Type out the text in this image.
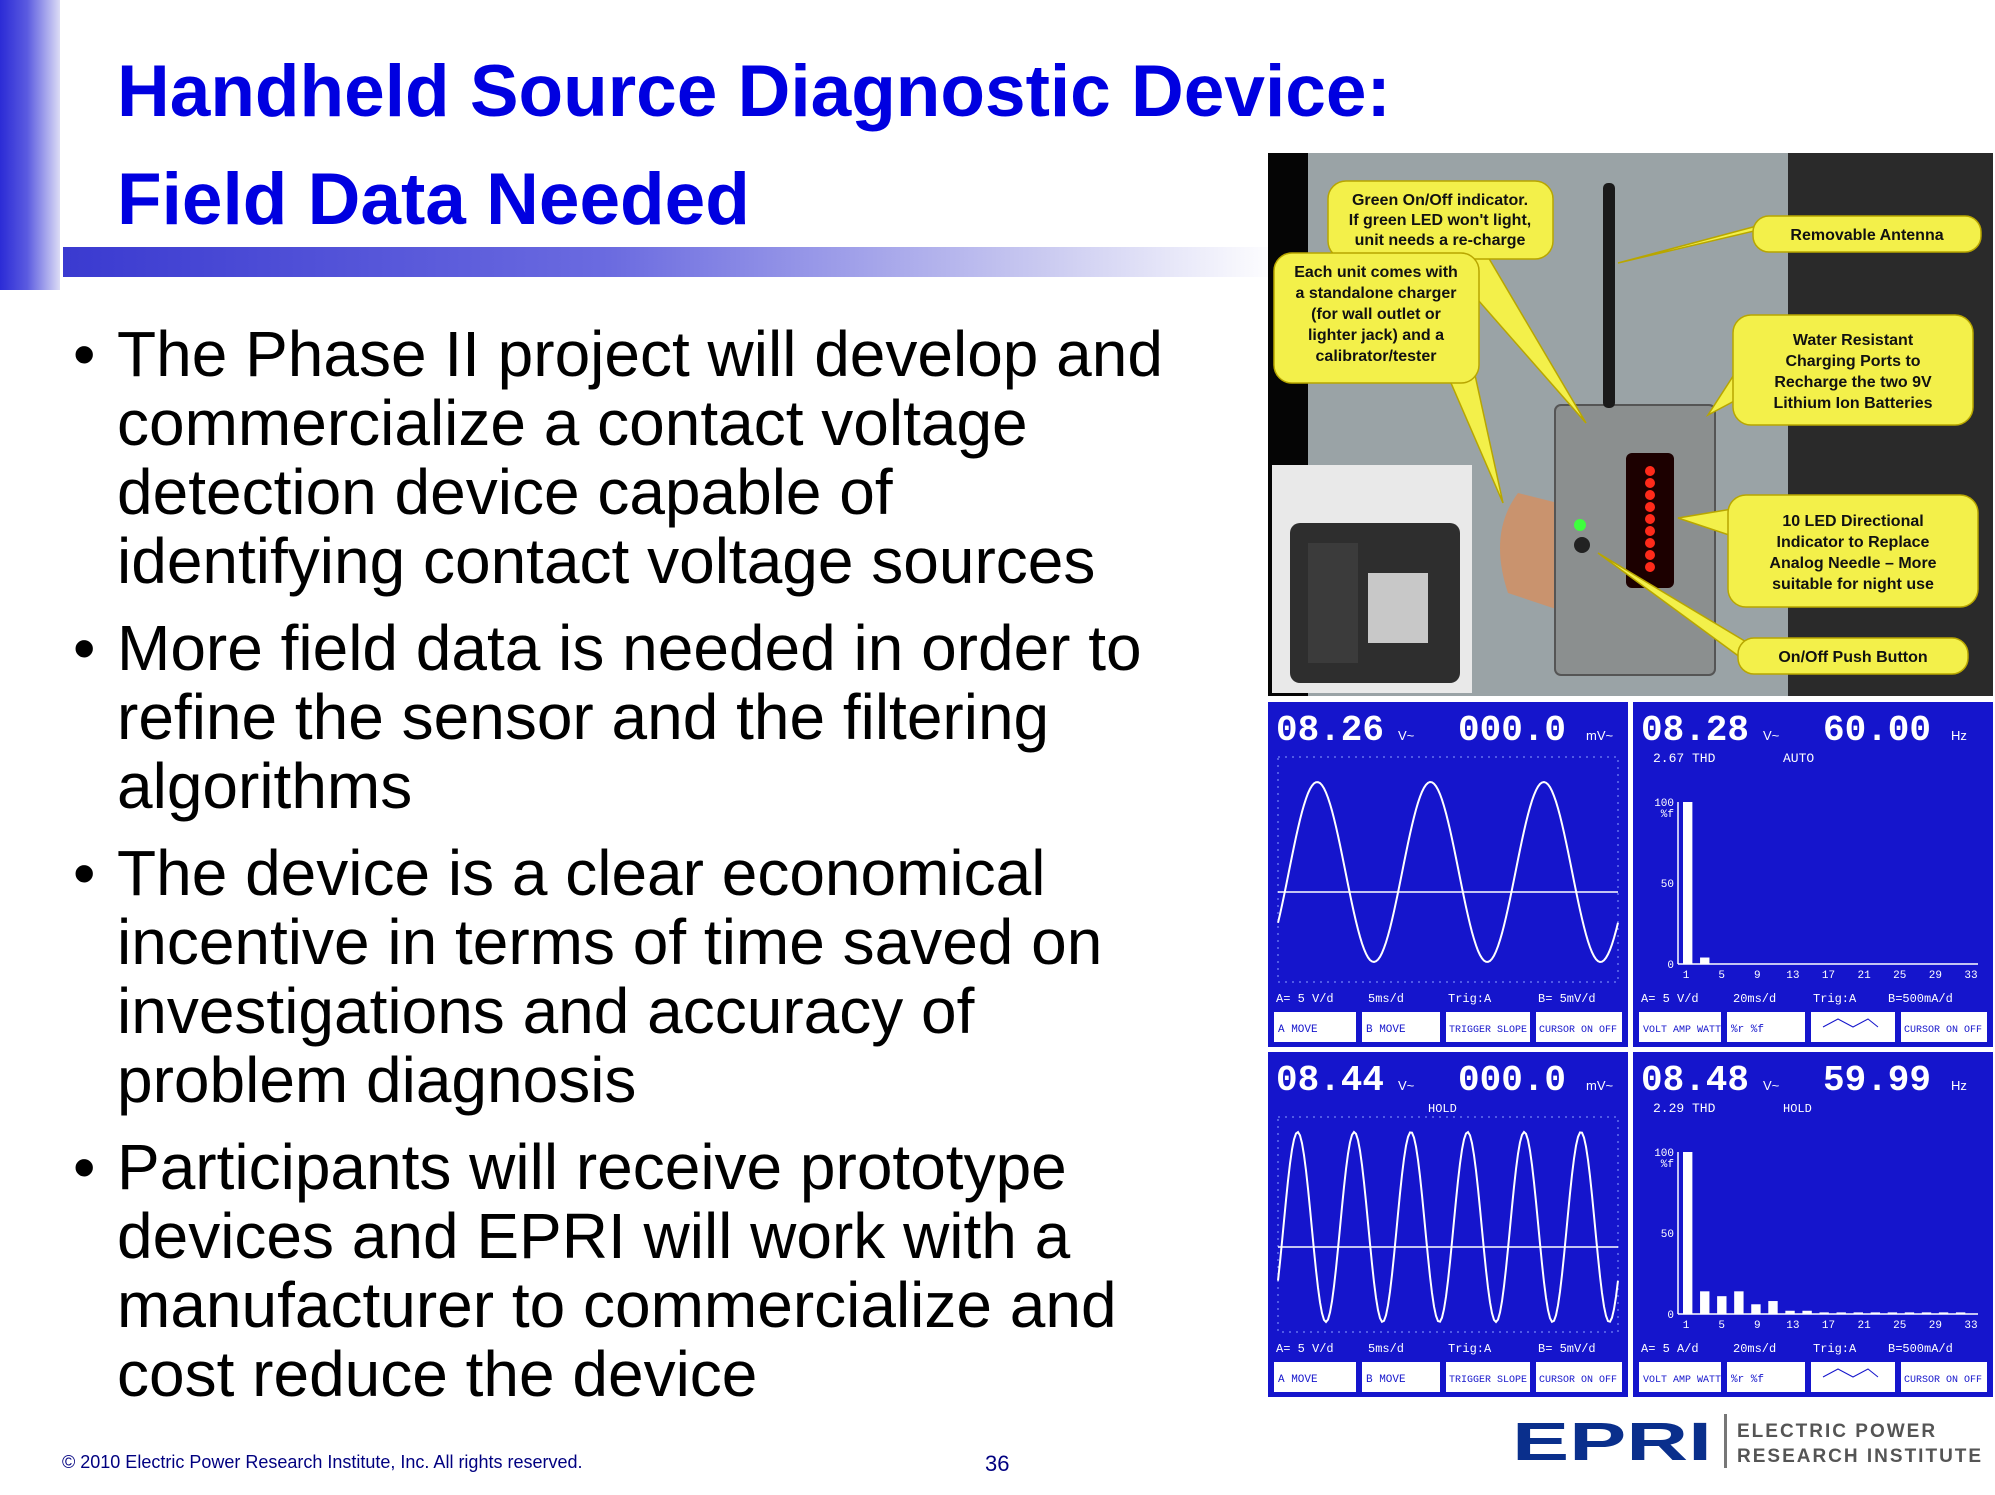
Handheld Source Diagnostic Device:
Field Data Needed
• The Phase II project will develop and commercialize a contact voltage detection device capable of identifying contact voltage sources
• More field data is needed in order to refine the sensor and the filtering algorithms
• The device is a clear economical incentive in terms of time saved on investigations and accuracy of problem diagnosis
• Participants will receive prototype devices and EPRI will work with a manufacturer to commercialize and cost reduce the device
Green On/Off indicator.
If green LED won't light,
unit needs a re-charge	Removable Antenna
Each unit comes with
a standalone charger
(for wall outlet or
lighter jack) and a
calibrator/tester
Water Resistant
Charging Ports to
Recharge the two 9V
Lithium Ion Batteries
10 LED Directional
Indicator to Replace
Analog Needle – More
suitable for night use
On/Off Push Button
08.26 V~ 000.0 mV~
A= 5 V/d	5ms/d	Trig:A	B= 5mV/d
A MOVE	B MOVE	TRIGGER SLOPE CURSOR ON OFF
08.28 V~ 60.00 Hz
2.67 THD	AUTO
100
50
0
%f
1	5	9 13 17 21 25 29 33
A= 5 V/d	20ms/d	Trig:A	B=500mA/d
VOLT AMP WATT %r %f	CURSOR ON OFF
08.44 V~ 000.0 mV~
HOLD
A= 5 V/d	5ms/d	Trig:A	B= 5mV/d
A MOVE	B MOVE	TRIGGER SLOPE CURSOR ON OFF
08.48 V~ 59.99 Hz
2.29 THD	HOLD
100
50
0
%f
1	5	9 13 17 21 25 29 33
A= 5 A/d	20ms/d	Trig:A	B=500mA/d
VOLT AMP WATT %r %f	CURSOR ON OFF
© 2010 Electric Power Research Institute, Inc. All rights reserved.	36	EPRI ELECTRIC POWER
RESEARCH INSTITUTE
